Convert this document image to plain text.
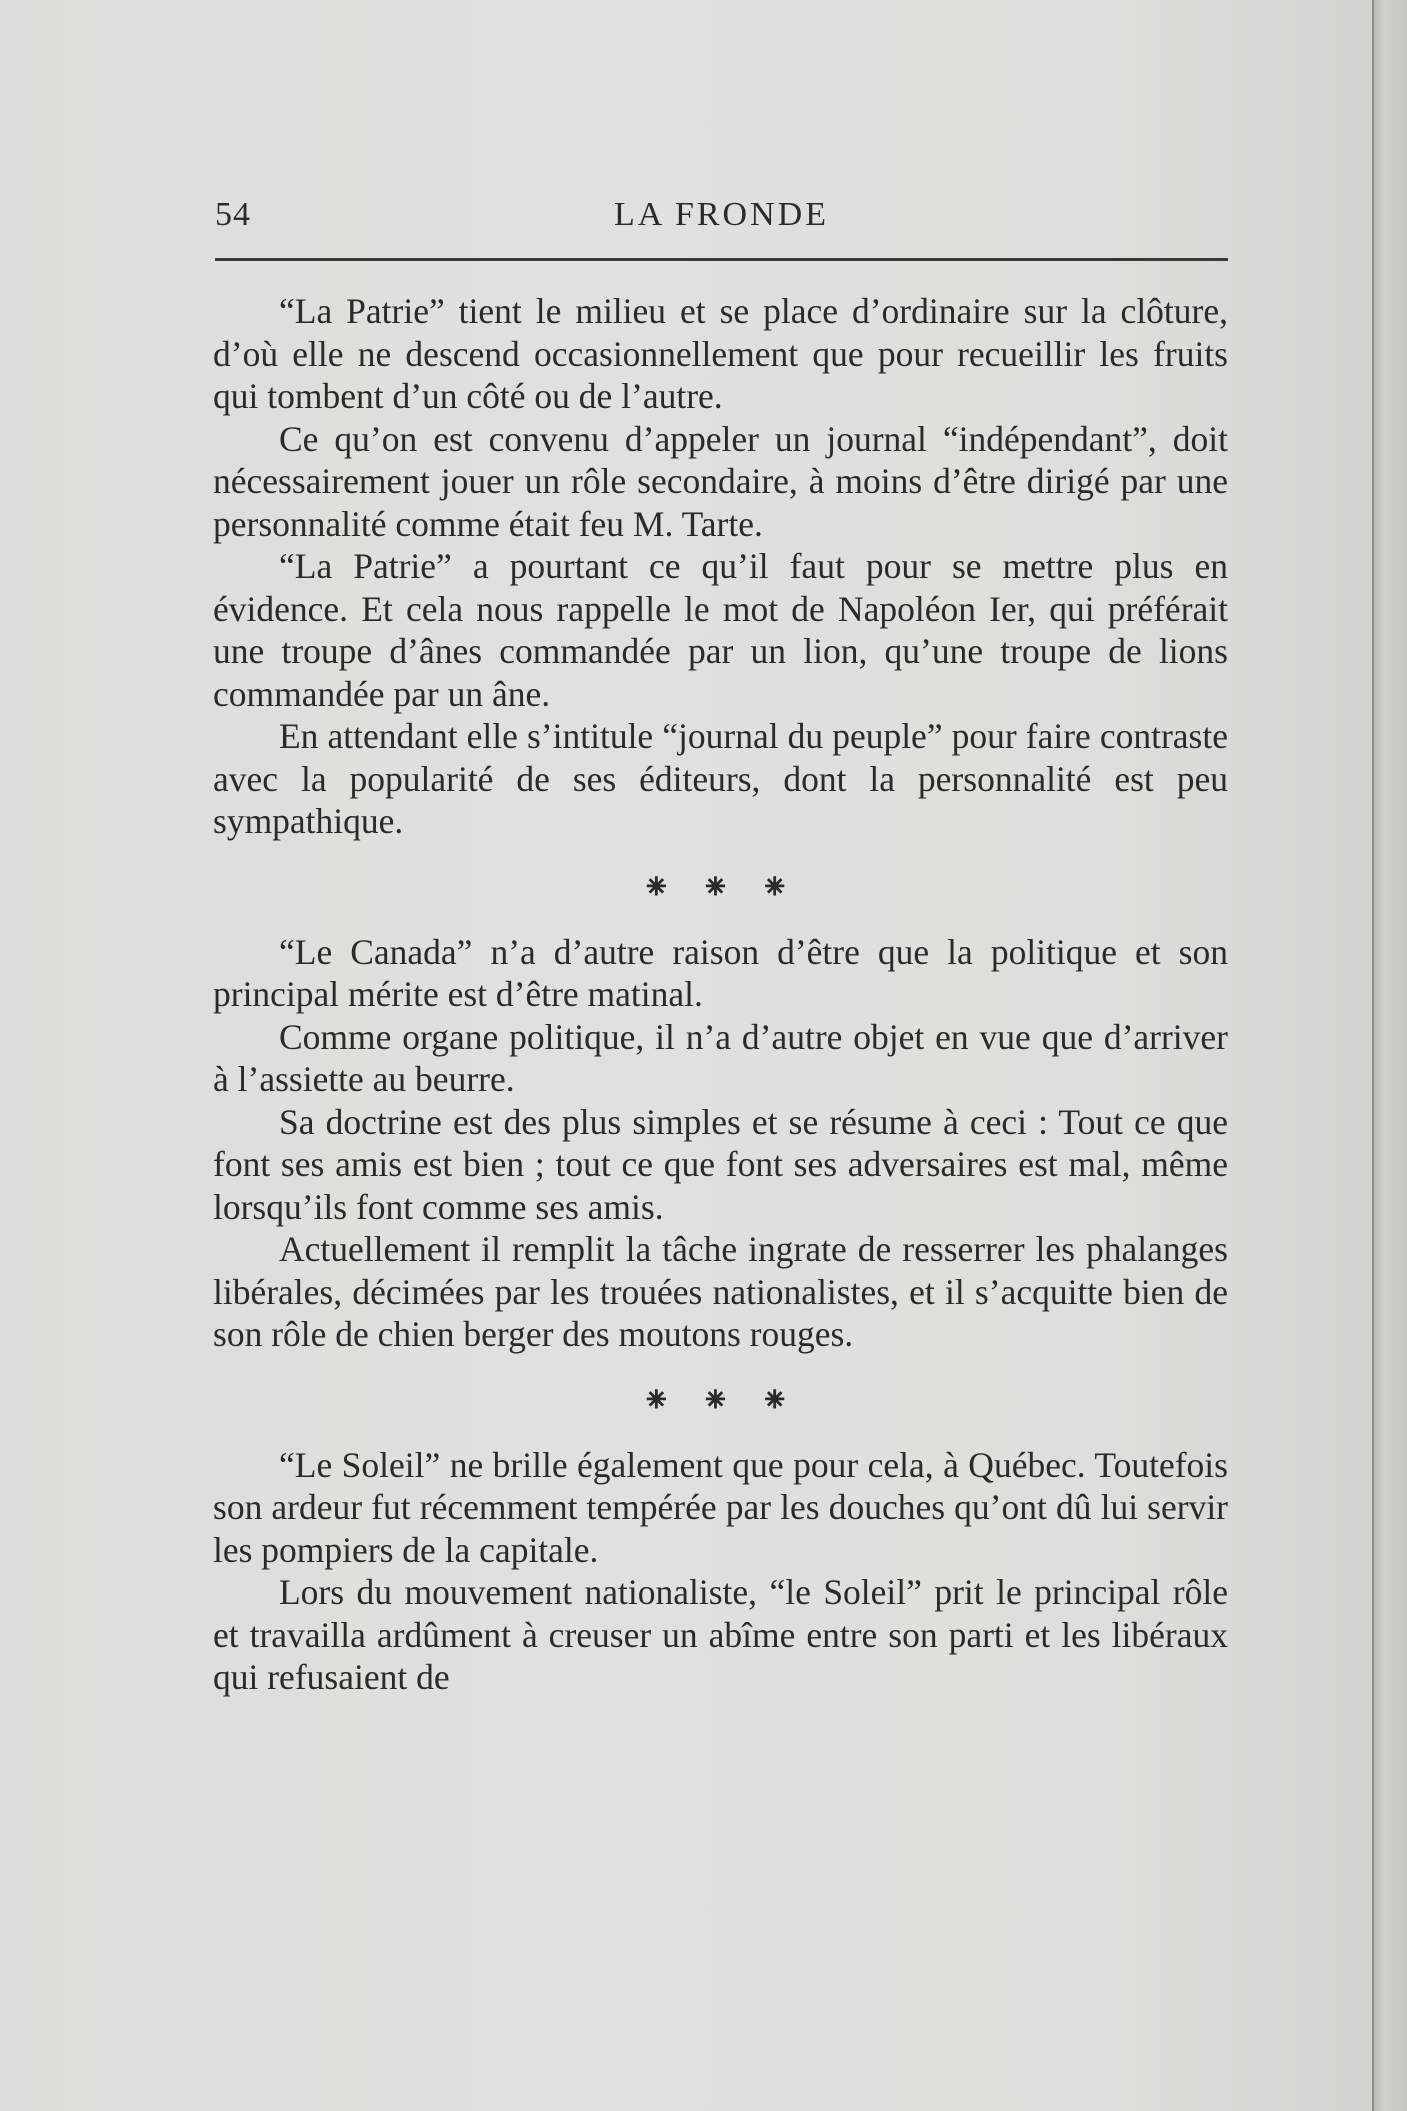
54	LA FRONDE

“La Patrie” tient le milieu et se place d’ordinaire sur la clôture, d’où elle ne descend occasionnellement que pour recueillir les fruits qui tombent d’un côté ou de l’autre.

Ce qu’on est convenu d’appeler un journal “indépendant”, doit nécessairement jouer un rôle secondaire, à moins d’être dirigé par une personnalité comme était feu M. Tarte.

“La Patrie” a pourtant ce qu’il faut pour se mettre plus en évidence. Et cela nous rappelle le mot de Napoléon Ier, qui préférait une troupe d’ânes commandée par un lion, qu’une troupe de lions commandée par un âne.

En attendant elle s’intitule “journal du peuple” pour faire contraste avec la popularité de ses éditeurs, dont la personnalité est peu sympathique.

⁕ ⁕ ⁕

“Le Canada” n’a d’autre raison d’être que la politique et son principal mérite est d’être matinal.

Comme organe politique, il n’a d’autre objet en vue que d’arriver à l’assiette au beurre.

Sa doctrine est des plus simples et se résume à ceci : Tout ce que font ses amis est bien ; tout ce que font ses adversaires est mal, même lorsqu’ils font comme ses amis.

Actuellement il remplit la tâche ingrate de resserrer les phalanges libérales, décimées par les trouées nationalistes, et il s’acquitte bien de son rôle de chien berger des moutons rouges.

⁕ ⁕ ⁕

“Le Soleil” ne brille également que pour cela, à Québec. Toutefois son ardeur fut récemment tempérée par les douches qu’ont dû lui servir les pompiers de la capitale.

Lors du mouvement nationaliste, “le Soleil” prit le principal rôle et travailla ardûment à creuser un abîme entre son parti et les libéraux qui refusaient de
